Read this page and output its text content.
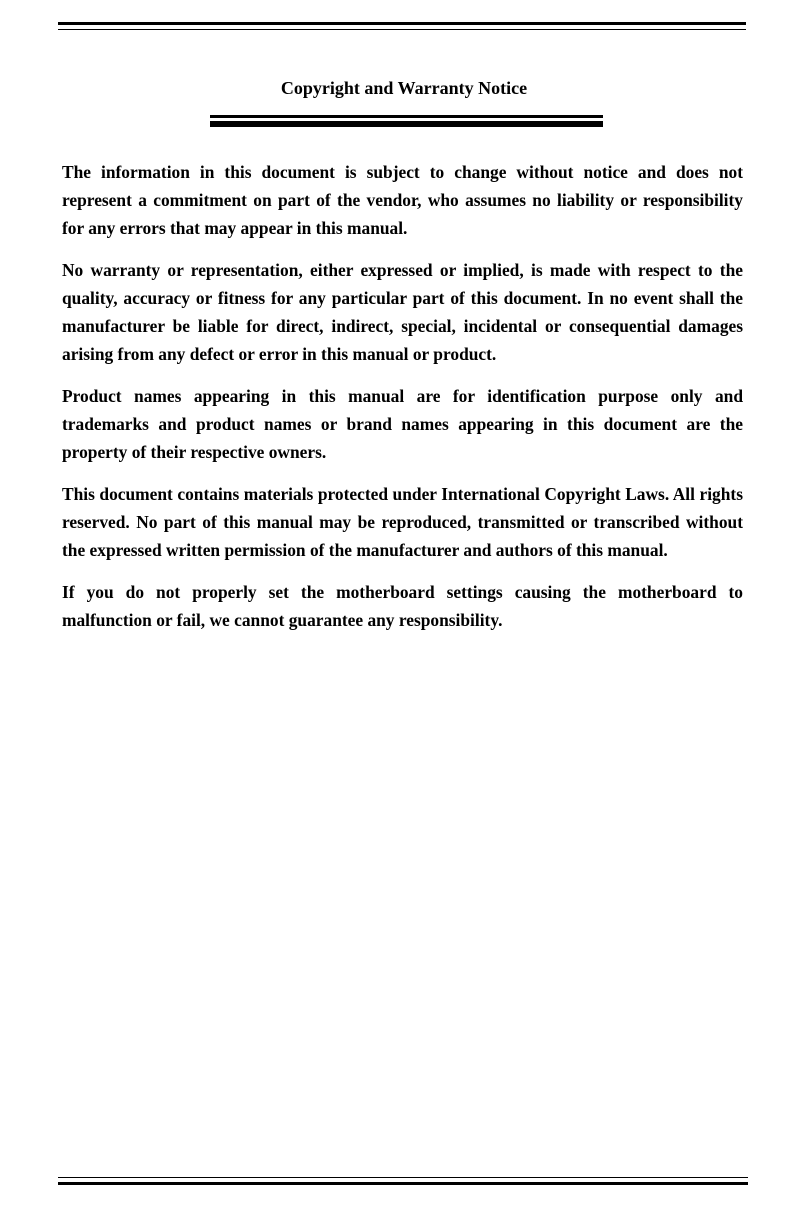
Copyright and Warranty Notice

The information in this document is subject to change without notice and does not represent a commitment on part of the vendor, who assumes no liability or responsibility for any errors that may appear in this manual.

No warranty or representation, either expressed or implied, is made with respect to the quality, accuracy or fitness for any particular part of this document. In no event shall the manufacturer be liable for direct, indirect, special, incidental or consequential damages arising from any defect or error in this manual or product.

Product names appearing in this manual are for identification purpose only and trademarks and product names or brand names appearing in this document are the property of their respective owners.

This document contains materials protected under International Copyright Laws. All rights reserved. No part of this manual may be reproduced, transmitted or transcribed without the expressed written permission of the manufacturer and authors of this manual.

If you do not properly set the motherboard settings causing the motherboard to malfunction or fail, we cannot guarantee any responsibility.
